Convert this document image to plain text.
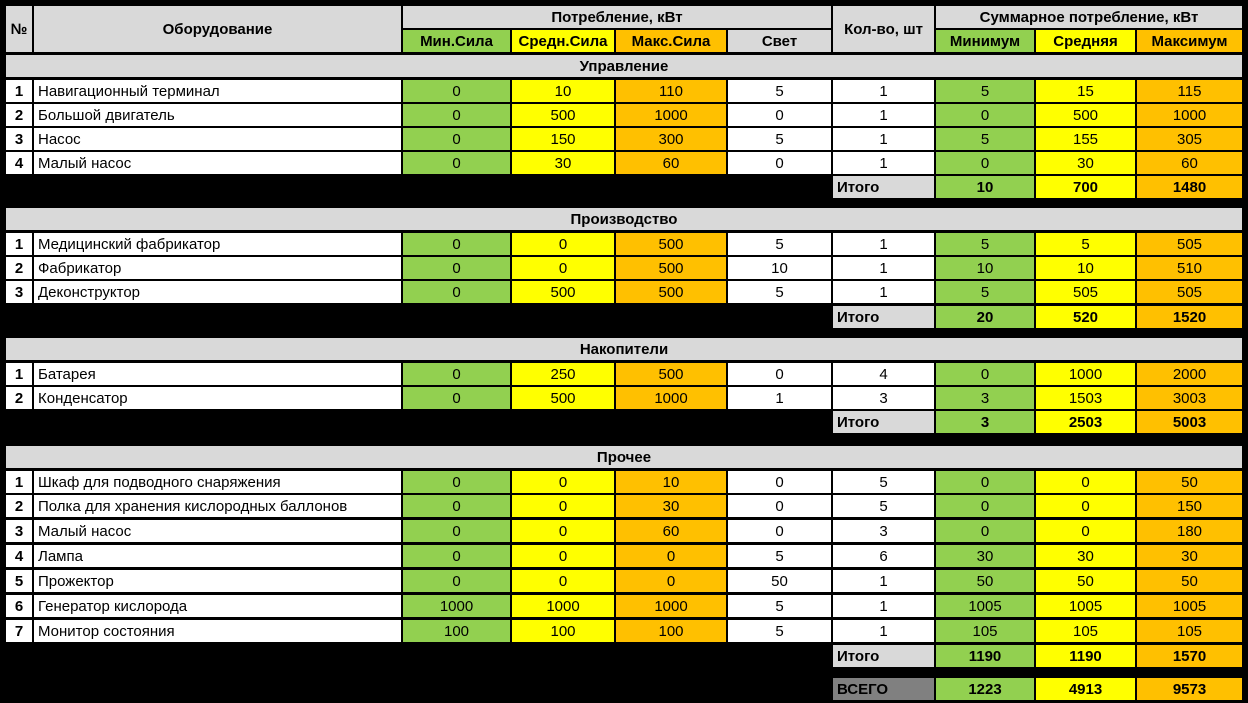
№	Оборудование
Потребление, кВт
Кол-во, шт
Суммарное потребление, кВт
Мин.Сила	Средн.Сила	Макс.Сила	Свет	Минимум	Средняя	Максимум
Управление
1 Навигационный терминал	0	10	110	5	1	5	15	115
2 Большой двигатель	0	500	1000	0	1	0	500	1000
3 Насос	0	150	300	5	1	5	155	305
4 Малый насос	0	30	60	0	1	0	30	60
Итого	10	700	1480
Производство
1 Медицинский фабрикатор	0	0	500	5	1	5	5	505
2 Фабрикатор	0	0	500	10	1	10	10	510
3 Деконструктор	0	500	500	5	1	5	505	505
Итого	20	520	1520
Накопители
1 Батарея	0	250	500	0	4	0	1000	2000
2 Конденсатор	0	500	1000	1	3	3	1503	3003
Итого	3	2503	5003
Прочее
1 Шкаф для подводного снаряжения	0	0	10	0	5	0	0	50
2 Полка для хранения кислородных баллонов	0	0	30	0	5	0	0	150
3 Малый насос	0	0	60	0	3	0	0	180
4 Лампа	0	0	0	5	6	30	30	30
5 Прожектор	0	0	0	50	1	50	50	50
6 Генератор кислорода	1000	1000	1000	5	1	1005	1005	1005
7 Монитор состояния	100	100	100	5	1	105	105	105
Итого	1190	1190	1570
ВСЕГО	1223	4913	9573
